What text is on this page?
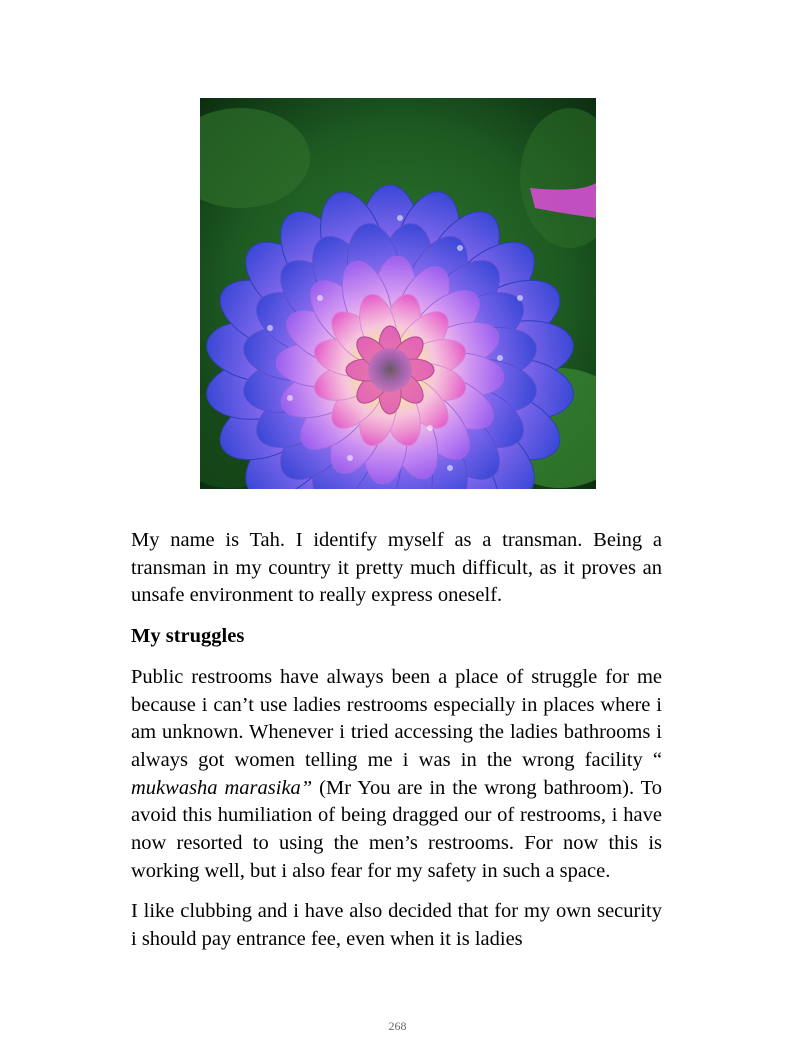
My name is Tah. I identify myself as a transman. Being a transman in my country it pretty much difficult, as it proves an unsafe environment to really express oneself.

My struggles

Public restrooms have always been a place of struggle for me because i can’t use ladies restrooms especially in places where i am unknown. Whenever i tried accessing the ladies bathrooms i always got women telling me i was in the wrong facility “ mukwasha marasika” (Mr You are in the wrong bathroom). To avoid this humiliation of being dragged our of restrooms, i have now resorted to using the men’s restrooms. For now this is working well, but i also fear for my safety in such a space.

I like clubbing and i have also decided that for my own security i should pay entrance fee, even when it is ladies

268
